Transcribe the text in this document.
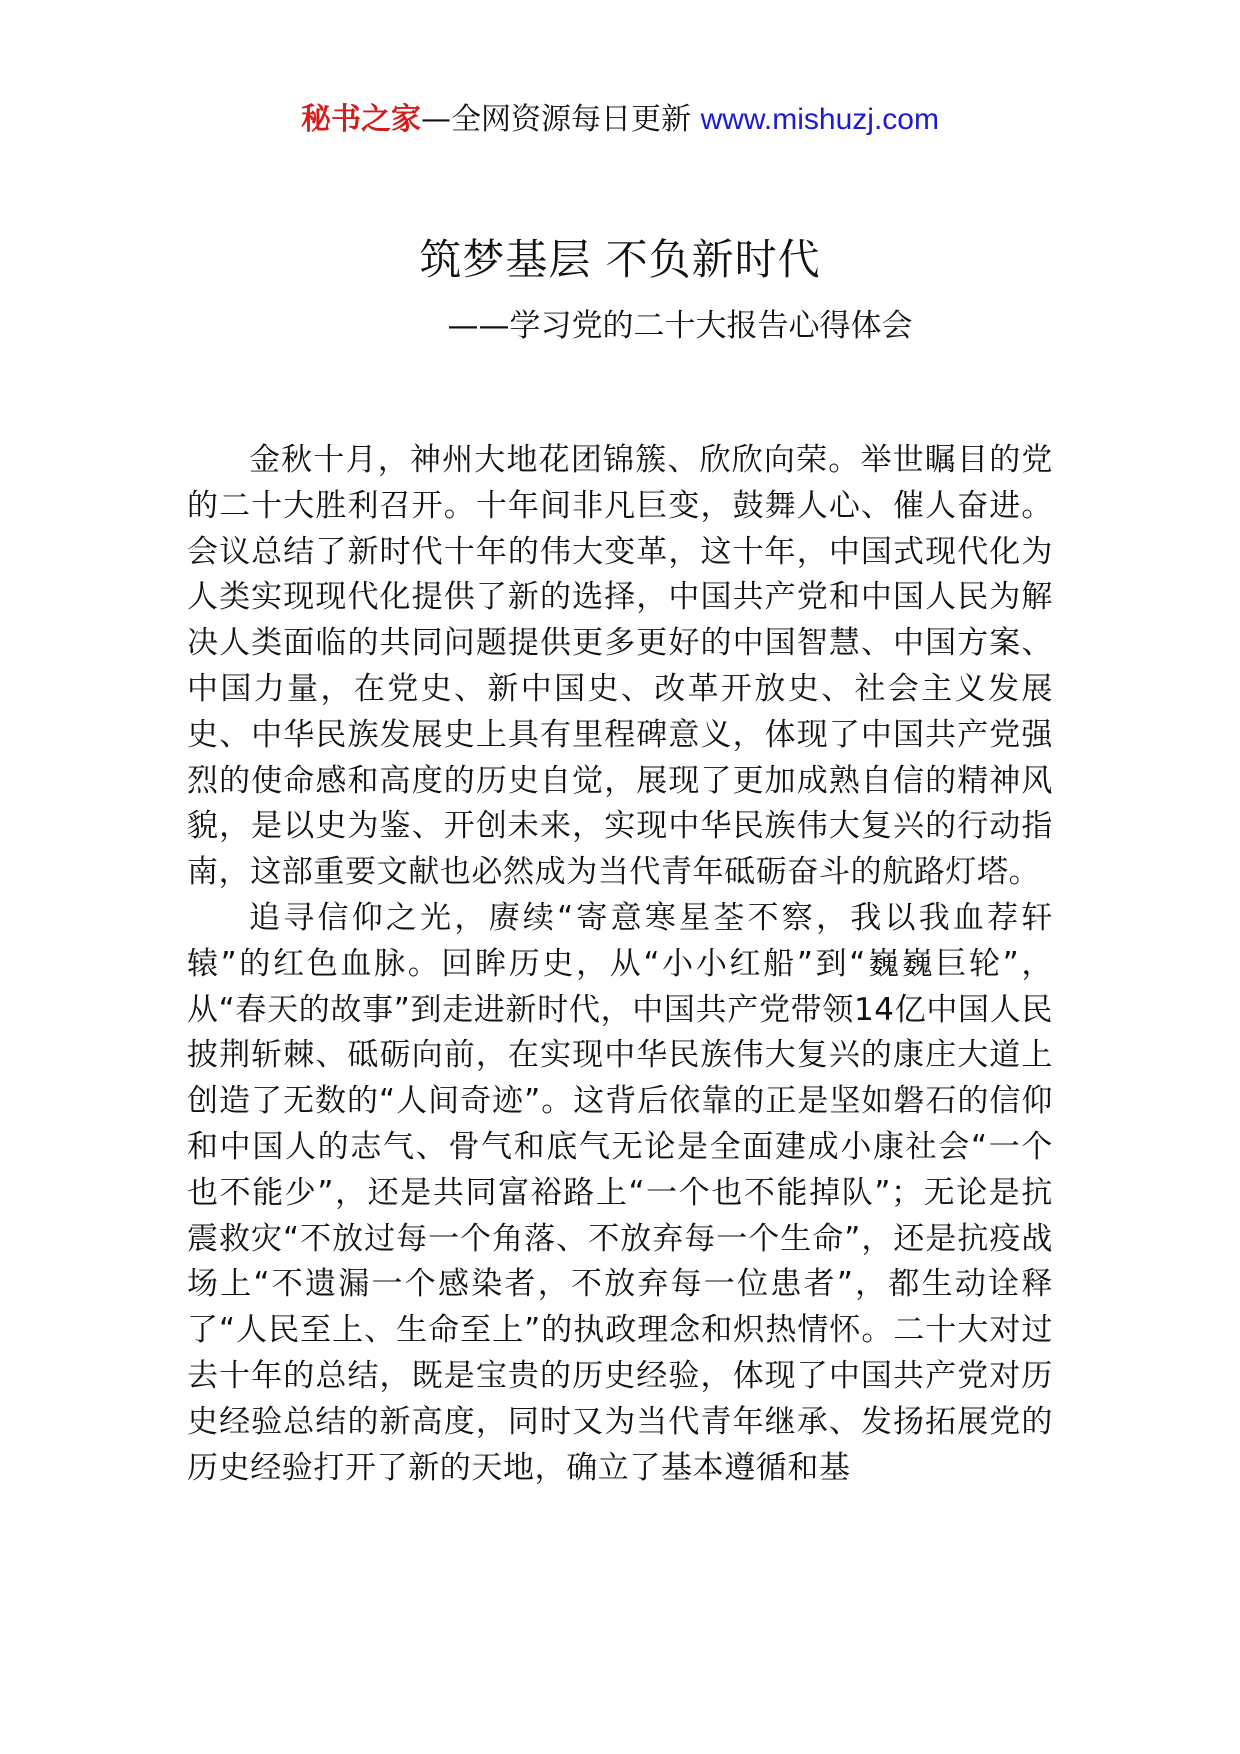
秘书之家—全网资源每日更新 www.mishuzj.com
筑梦基层 不负新时代
——学习党的二十大报告心得体会

金秋十月，神州大地花团锦簇、欣欣向荣。举世瞩目的党的二十大胜利召开。十年间非凡巨变，鼓舞人心、催人奋进。会议总结了新时代十年的伟大变革，这十年，中国式现代化为人类实现现代化提供了新的选择，中国共产党和中国人民为解决人类面临的共同问题提供更多更好的中国智慧、中国方案、中国力量，在党史、新中国史、改革开放史、社会主义发展史、中华民族发展史上具有里程碑意义，体现了中国共产党强烈的使命感和高度的历史自觉，展现了更加成熟自信的精神风貌，是以史为鉴、开创未来，实现中华民族伟大复兴的行动指南，这部重要文献也必然成为当代青年砥砺奋斗的航路灯塔。

追寻信仰之光，赓续“寄意寒星荃不察，我以我血荐轩辕”的红色血脉。回眸历史，从“小小红船”到“巍巍巨轮”，从“春天的故事”到走进新时代，中国共产党带领14亿中国人民披荆斩棘、砥砺向前，在实现中华民族伟大复兴的康庄大道上创造了无数的“人间奇迹”。这背后依靠的正是坚如磐石的信仰和中国人的志气、骨气和底气无论是全面建成小康社会“一个也不能少”，还是共同富裕路上“一个也不能掉队”；无论是抗震救灾“不放过每一个角落、不放弃每一个生命”，还是抗疫战场上“不遗漏一个感染者，不放弃每一位患者”，都生动诠释了“人民至上、生命至上”的执政理念和炽热情怀。二十大对过去十年的总结，既是宝贵的历史经验，体现了中国共产党对历史经验总结的新高度，同时又为当代青年继承、发扬拓展党的历史经验打开了新的天地，确立了基本遵循和基
